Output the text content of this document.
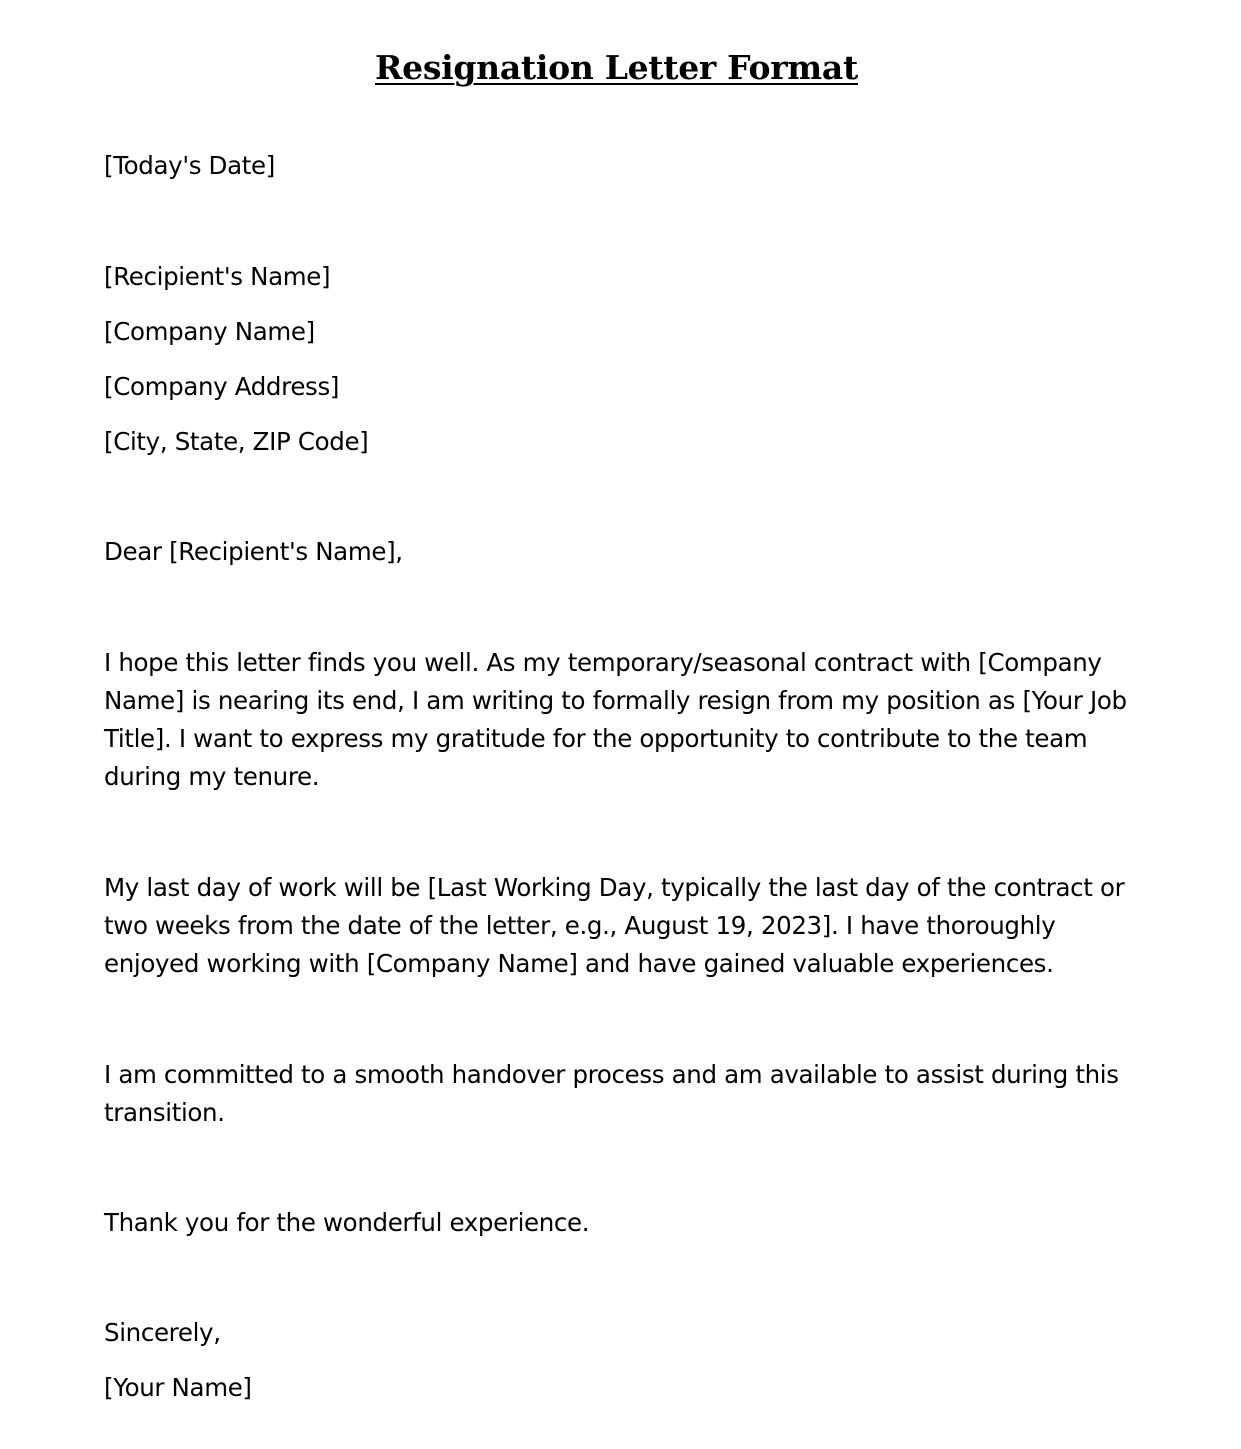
Resignation Letter Format

[Today's Date]

[Recipient's Name]

[Company Name]

[Company Address]

[City, State, ZIP Code]

Dear [Recipient's Name],

I hope this letter finds you well. As my temporary/seasonal contract with [Company

Name] is nearing its end, I am writing to formally resign from my position as [Your Job

Title]. I want to express my gratitude for the opportunity to contribute to the team

during my tenure.

My last day of work will be [Last Working Day, typically the last day of the contract or

two weeks from the date of the letter, e.g., August 19, 2023]. I have thoroughly

enjoyed working with [Company Name] and have gained valuable experiences.

I am committed to a smooth handover process and am available to assist during this

transition.

Thank you for the wonderful experience.

Sincerely,

[Your Name]
